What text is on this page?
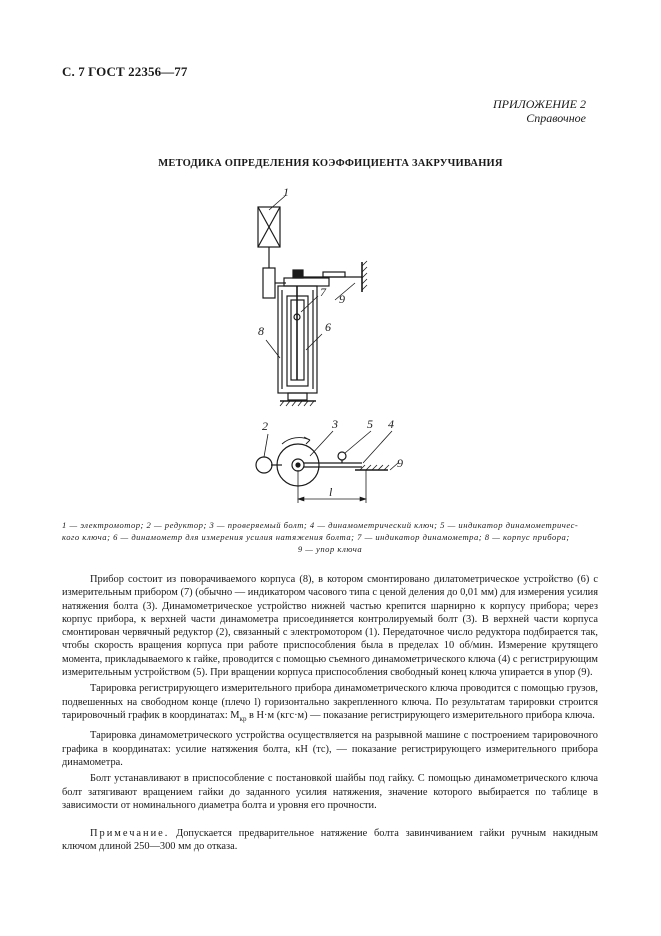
С. 7 ГОСТ 22356—77
ПРИЛОЖЕНИЕ 2
Справочное
МЕТОДИКА ОПРЕДЕЛЕНИЯ КОЭФФИЦИЕНТА ЗАКРУЧИВАНИЯ
1
7
6
8
9
2	3 5 4
9
l
1 — электромотор; 2 — редуктор; 3 — проверяемый болт; 4 — динамометрический ключ; 5 — индикатор динамометричес-
кого ключа; 6 — динамометр для измерения усилия натяжения болта; 7 — индикатор динамометра; 8 — корпус прибора;
9 — упор ключа

Прибор состоит из поворачиваемого корпуса (8), в котором смонтировано дилатометрическое устройство (6) с измерительным прибором (7) (обычно — индикатором часового типа с ценой деления до 0,01 мм) для измерения усилия натяжения болта (3). Динамометрическое устройство нижней частью крепится шарнирно к корпусу прибора; через корпус прибора, к верхней части динамометра присоединяется контролируемый болт (3). В верхней части корпуса смонтирован червячный редуктор (2), связанный с электромотором (1). Передаточное число редуктора подбирается так, чтобы скорость вращения корпуса при работе приспособления была в пределах 10 об/мин. Измерение крутящего момента, прикладываемого к гайке, проводится с помощью съемного динамометрического ключа (4) с регистрирующим измерительным устройством (5). При вращении корпуса приспособления свободный конец ключа упирается в упор (9).

Тарировка регистрирующего измерительного прибора динамометрического ключа проводится с помощью грузов, подвешенных на свободном конце (плечо l) горизонтально закрепленного ключа. По результатам тарировки строится тарировочный график в координатах: $M_{кр}$ в Н·м (кгс·м) — показание регистрирующего измерительного прибора ключа.

Тарировка динамометрического устройства осуществляется на разрывной машине с построением тарировочного графика в координатах: усилие натяжения болта, кН (тс), — показание регистрирующего измерительного прибора динамометра.

Болт устанавливают в приспособление с постановкой шайбы под гайку. С помощью динамометрического ключа болт затягивают вращением гайки до заданного усилия натяжения, значение которого выбирается по таблице в зависимости от номинального диаметра болта и уровня его прочности.

Примечание. Допускается предварительное натяжение болта завинчиванием гайки ручным накидным ключом длиной 250—300 мм до отказа.
